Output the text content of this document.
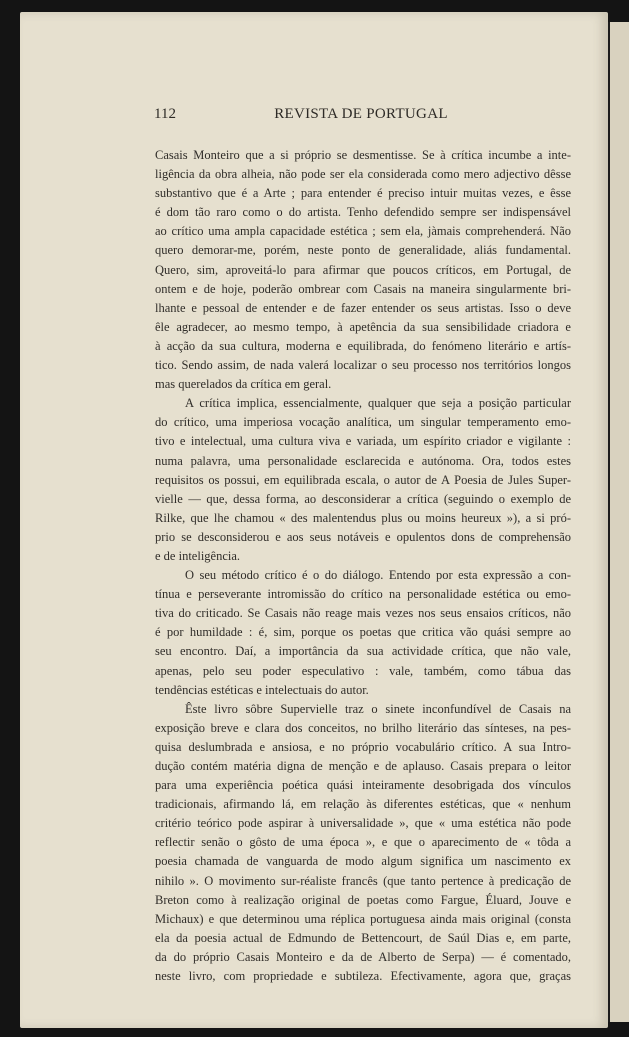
112	REVISTA DE PORTUGAL
Casais Monteiro que a si próprio se desmentisse. Se à crítica incumbe a inte-
ligência da obra alheia, não pode ser ela considerada como mero adjectivo dêsse
substantivo que é a Arte ; para entender é preciso intuir muitas vezes, e êsse
é dom tão raro como o do artista. Tenho defendido sempre ser indispensável
ao crítico uma ampla capacidade estética ; sem ela, jàmais comprehenderá. Não
quero demorar-me, porém, neste ponto de generalidade, aliás fundamental.
Quero, sim, aproveitá-lo para afirmar que poucos críticos, em Portugal, de
ontem e de hoje, poderão ombrear com Casais na maneira singularmente bri-
lhante e pessoal de entender e de fazer entender os seus artistas. Isso o deve
êle agradecer, ao mesmo tempo, à apetência da sua sensibilidade criadora e
à acção da sua cultura, moderna e equilibrada, do fenómeno literário e artís-
tico. Sendo assim, de nada valerá localizar o seu processo nos territórios longos
mas querelados da crítica em geral.
A crítica implica, essencialmente, qualquer que seja a posição particular
do crítico, uma imperiosa vocação analítica, um singular temperamento emo-
tivo e intelectual, uma cultura viva e variada, um espírito criador e vigilante :
numa palavra, uma personalidade esclarecida e autónoma. Ora, todos estes
requisitos os possui, em equilibrada escala, o autor de A Poesia de Jules Super-
vielle — que, dessa forma, ao desconsiderar a crítica (seguindo o exemplo de
Rilke, que lhe chamou « des malentendus plus ou moins heureux »), a si pró-
prio se desconsiderou e aos seus notáveis e opulentos dons de comprehensão
e de inteligência.
O seu método crítico é o do diálogo. Entendo por esta expressão a con-
tínua e perseverante intromissão do crítico na personalidade estética ou emo-
tiva do criticado. Se Casais não reage mais vezes nos seus ensaios críticos, não
é por humildade : é, sim, porque os poetas que critica vão quási sempre ao
seu encontro. Daí, a importância da sua actividade crítica, que não vale,
apenas, pelo seu poder especulativo : vale, também, como tábua das
tendências estéticas e intelectuais do autor.
Êste livro sôbre Supervielle traz o sinete inconfundível de Casais na
exposição breve e clara dos conceitos, no brilho literário das sínteses, na pes-
quisa deslumbrada e ansiosa, e no próprio vocabulário crítico. A sua Intro-
dução contém matéria digna de menção e de aplauso. Casais prepara o leitor
para uma experiência poética quási inteiramente desobrigada dos vínculos
tradicionais, afirmando lá, em relação às diferentes estéticas, que « nenhum
critério teórico pode aspirar à universalidade », que « uma estética não pode
reflectir senão o gôsto de uma época », e que o aparecimento de « tôda a
poesia chamada de vanguarda de modo algum significa um nascimento ex
nihilo ». O movimento sur-réaliste francês (que tanto pertence à predicação de
Breton como à realização original de poetas como Fargue, Éluard, Jouve e
Michaux) e que determinou uma réplica portuguesa ainda mais original (consta
ela da poesia actual de Edmundo de Bettencourt, de Saúl Dias e, em parte,
da do próprio Casais Monteiro e da de Alberto de Serpa) — é comentado,
neste livro, com propriedade e subtileza. Efectivamente, agora que, graças
